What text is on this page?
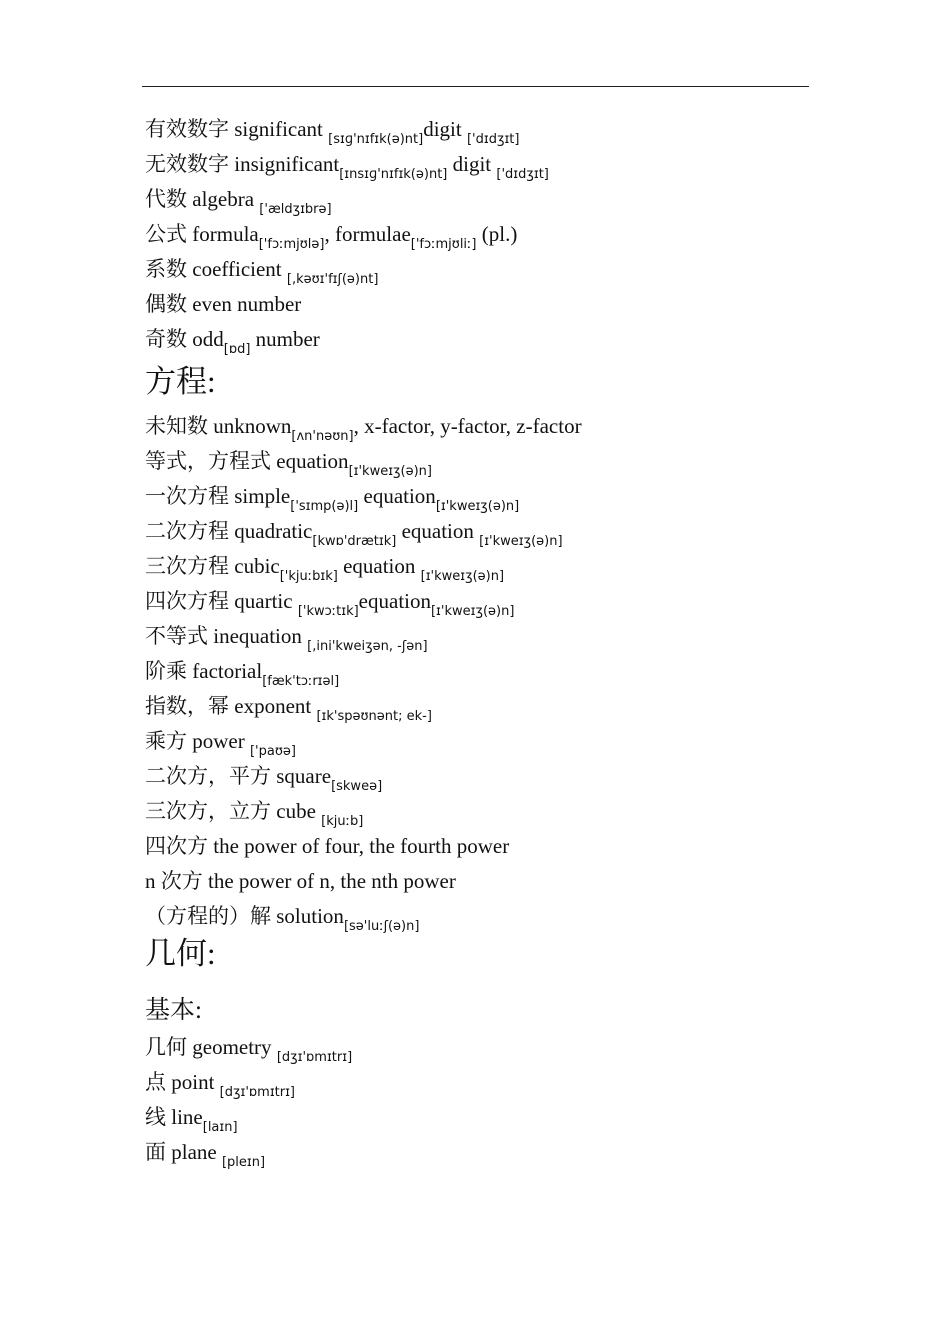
有效数字 significant $_{[sɪɡ'nɪfɪk(ə)nt]}$digit $_{['dɪdʒɪt]}$
无效数字 insignificant$_{[ɪnsɪɡ'nɪfɪk(ə)nt]}$ digit $_{['dɪdʒɪt]}$
代数 algebra $_{['ældʒɪbrə]}$
公式 formula$_{['fɔːmjʊlə]}$, formulae$_{['fɔːmjʊliː]}$ (pl.)
系数 coefficient $_{[,kəʊɪ'fɪʃ(ə)nt]}$
偶数 even number
奇数 odd$_{[ɒd]}$ number
方程:
未知数 unknown$_{[ʌn'nəʊn]}$, x-factor, y-factor, z-factor
等式，方程式 equation$_{[ɪ'kweɪʒ(ə)n]}$
一次方程 simple$_{['sɪmp(ə)l]}$ equation$_{[ɪ'kweɪʒ(ə)n]}$
二次方程 quadratic$_{[kwɒ'drætɪk]}$ equation $_{[ɪ'kweɪʒ(ə)n]}$
三次方程 cubic$_{['kjuːbɪk]}$ equation $_{[ɪ'kweɪʒ(ə)n]}$
四次方程 quartic $_{['kwɔːtɪk]}$equation$_{[ɪ'kweɪʒ(ə)n]}$
不等式 inequation $_{[,ini'kweiʒən, -ʃən]}$
阶乘 factorial$_{[fæk'tɔːrɪəl]}$
指数，幂 exponent $_{[ɪk'spəʊnənt; ek-]}$
乘方 power $_{['paʊə]}$
二次方，平方 square$_{[skweə]}$
三次方，立方 cube $_{[kjuːb]}$
四次方 the power of four, the fourth power
n 次方 the power of n, the nth power
（方程的）解 solution$_{[sə'luːʃ(ə)n]}$
几何:
基本:
几何 geometry $_{[dʒɪ'ɒmɪtrɪ]}$
点 point $_{[dʒɪ'ɒmɪtrɪ]}$
线 line$_{[laɪn]}$
面 plane $_{[pleɪn]}$
